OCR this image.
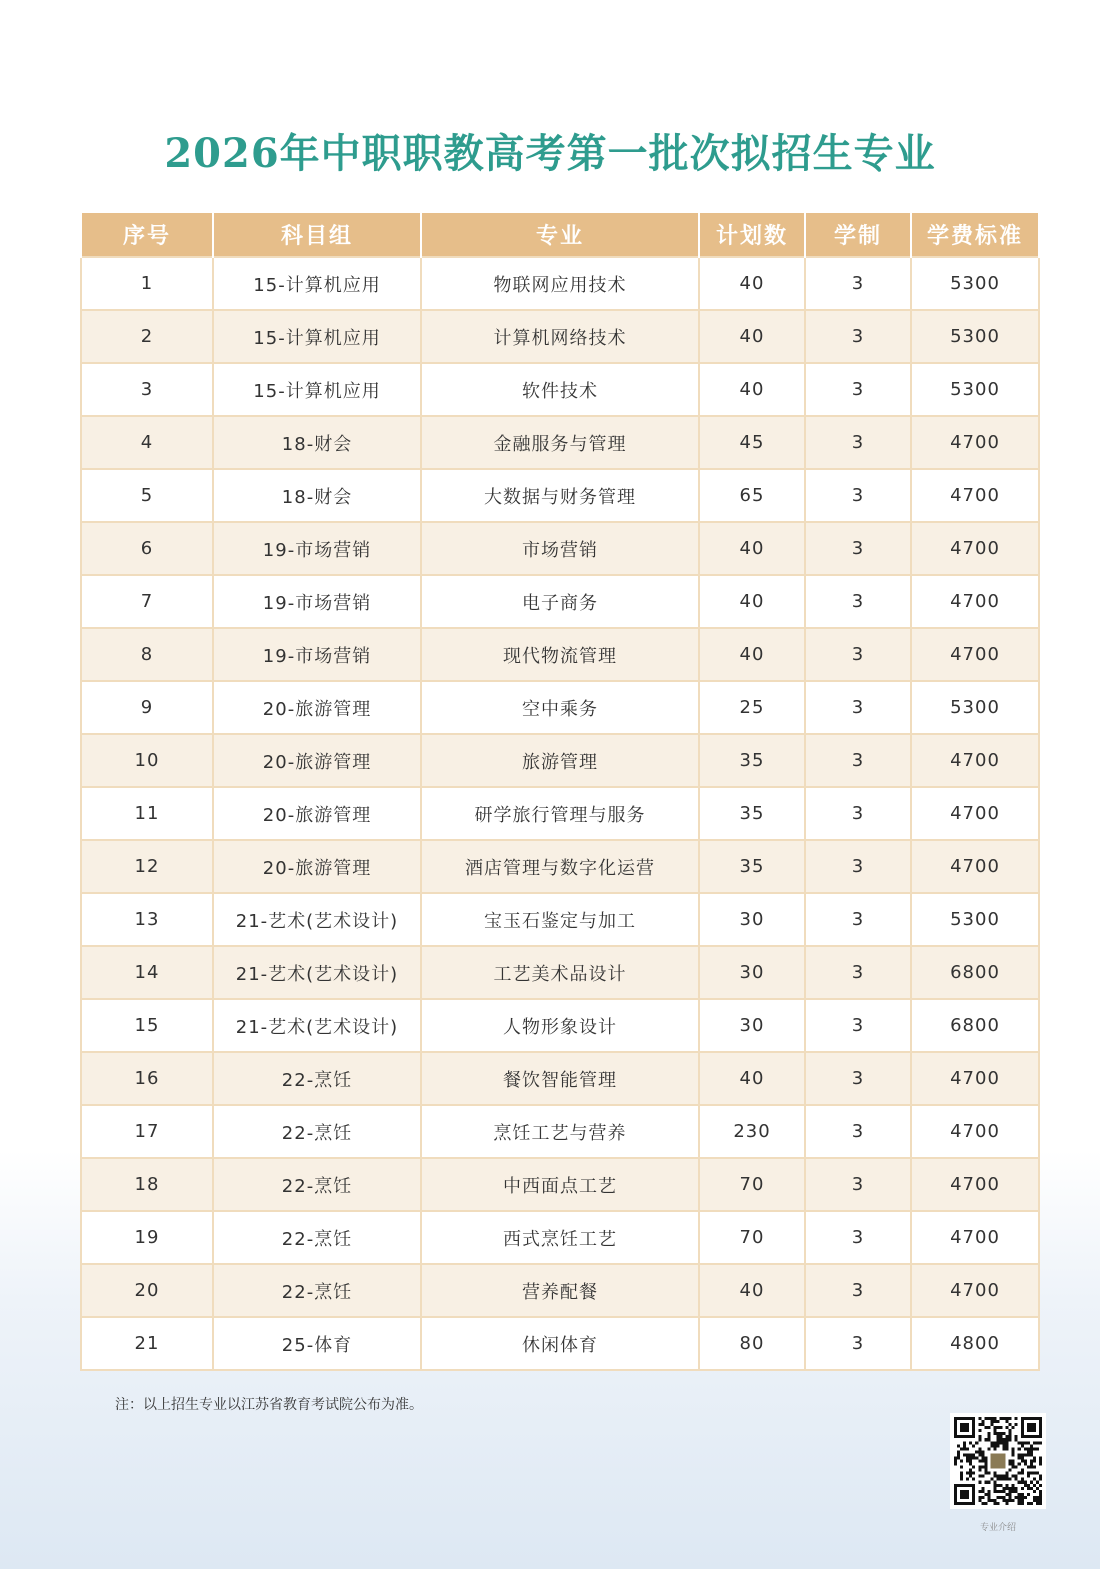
2026年中职职教高考第一批次拟招生专业
序号	科目组	专业	计划数	学制	学费标准
1	15-计算机应用	物联网应用技术	40	3	5300
2	15-计算机应用	计算机网络技术	40	3	5300
3	15-计算机应用	软件技术	40	3	5300
4	18-财会	金融服务与管理	45	3	4700
5	18-财会	大数据与财务管理	65	3	4700
6	19-市场营销	市场营销	40	3	4700
7	19-市场营销	电子商务	40	3	4700
8	19-市场营销	现代物流管理	40	3	4700
9	20-旅游管理	空中乘务	25	3	5300
10	20-旅游管理	旅游管理	35	3	4700
11	20-旅游管理	研学旅行管理与服务	35	3	4700
12	20-旅游管理	酒店管理与数字化运营	35	3	4700
13	21-艺术(艺术设计)	宝玉石鉴定与加工	30	3	5300
14	21-艺术(艺术设计)	工艺美术品设计	30	3	6800
15	21-艺术(艺术设计)	人物形象设计	30	3	6800
16	22-烹饪	餐饮智能管理	40	3	4700
17	22-烹饪	烹饪工艺与营养	230	3	4700
18	22-烹饪	中西面点工艺	70	3	4700
19	22-烹饪	西式烹饪工艺	70	3	4700
20	22-烹饪	营养配餐	40	3	4700
21	25-体育	休闲体育	80	3	4800
注：以上招生专业以江苏省教育考试院公布为准。
专业介绍
